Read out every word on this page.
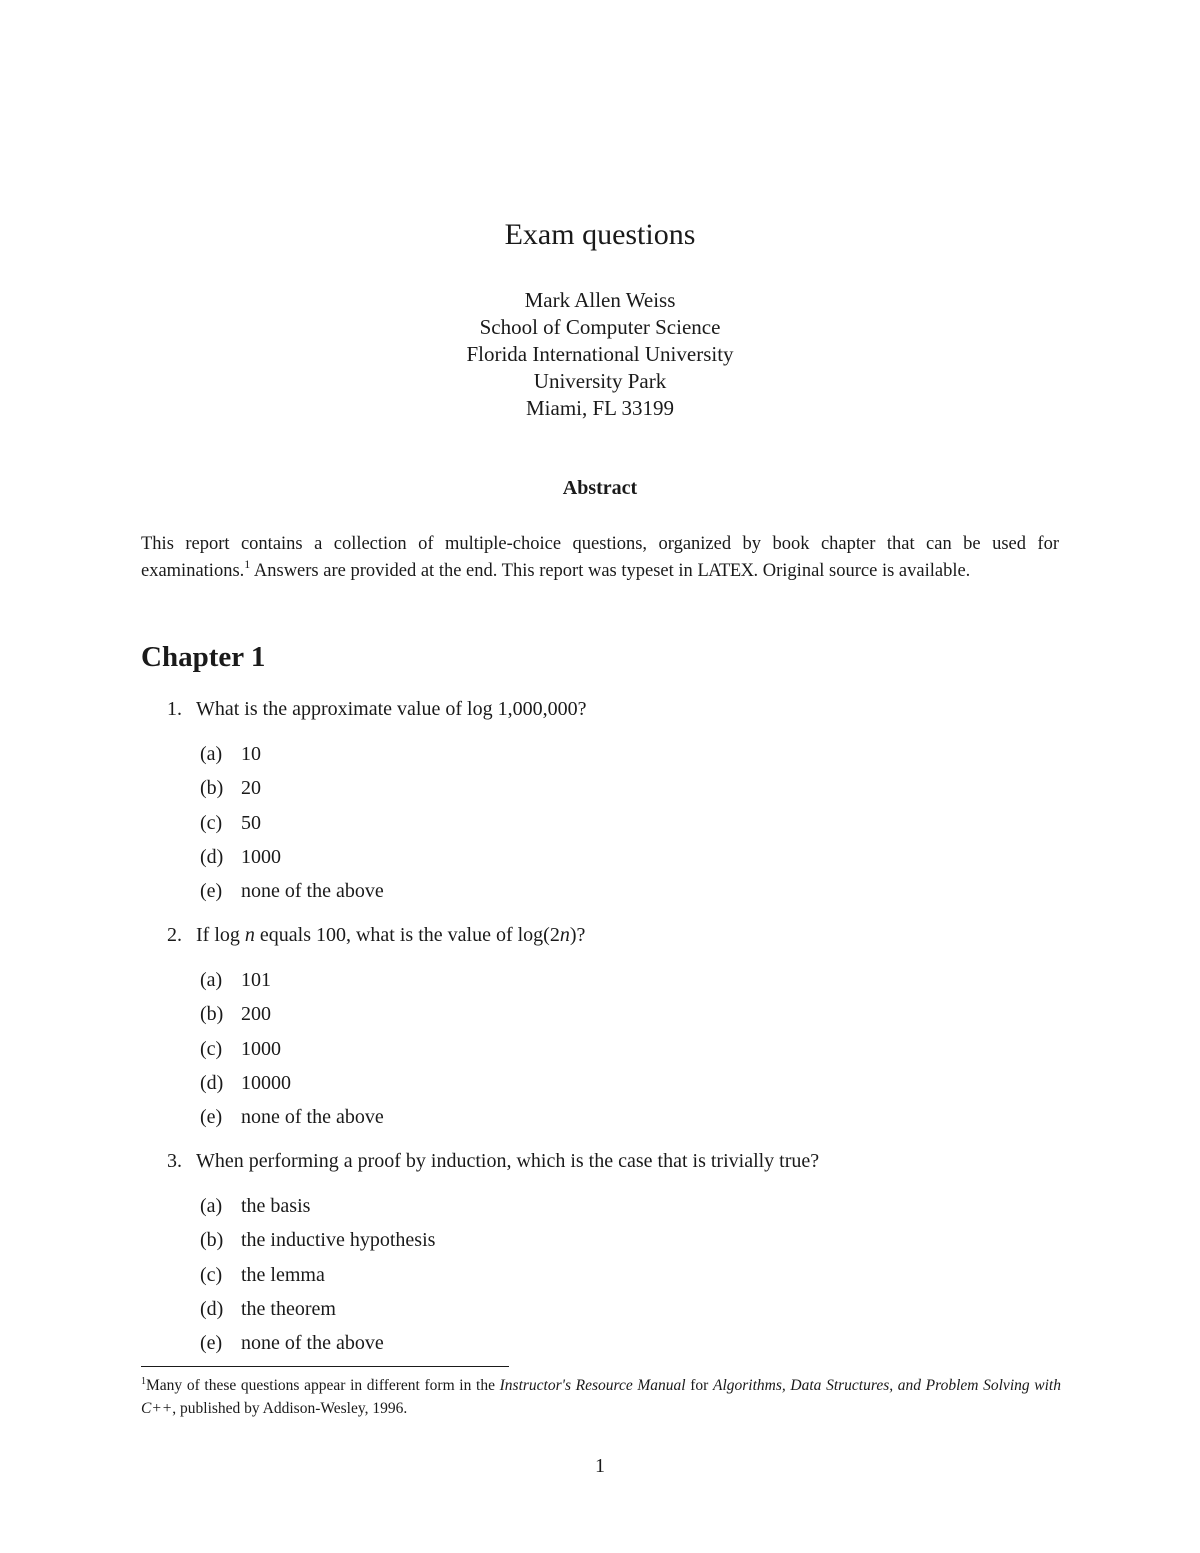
Exam questions
Mark Allen Weiss
School of Computer Science
Florida International University
University Park
Miami, FL 33199
Abstract

This report contains a collection of multiple-choice questions, organized by book chapter that can be used for examinations.$^1$ Answers are provided at the end. This report was typeset in LATEX. Original source is available.

Chapter 1
1. What is the approximate value of log 1,000,000?
(a) 10
(b) 20
(c) 50
(d) 1000
(e) none of the above
2. If log n equals 100, what is the value of log(2n)?
(a) 101
(b) 200
(c) 1000
(d) 10000
(e) none of the above
3. When performing a proof by induction, which is the case that is trivially true?
(a) the basis
(b) the inductive hypothesis
(c) the lemma
(d) the theorem
(e) none of the above

$^1$Many of these questions appear in different form in the Instructor's Resource Manual for Algorithms, Data Structures, and Problem Solving with C++, published by Addison-Wesley, 1996.

1
